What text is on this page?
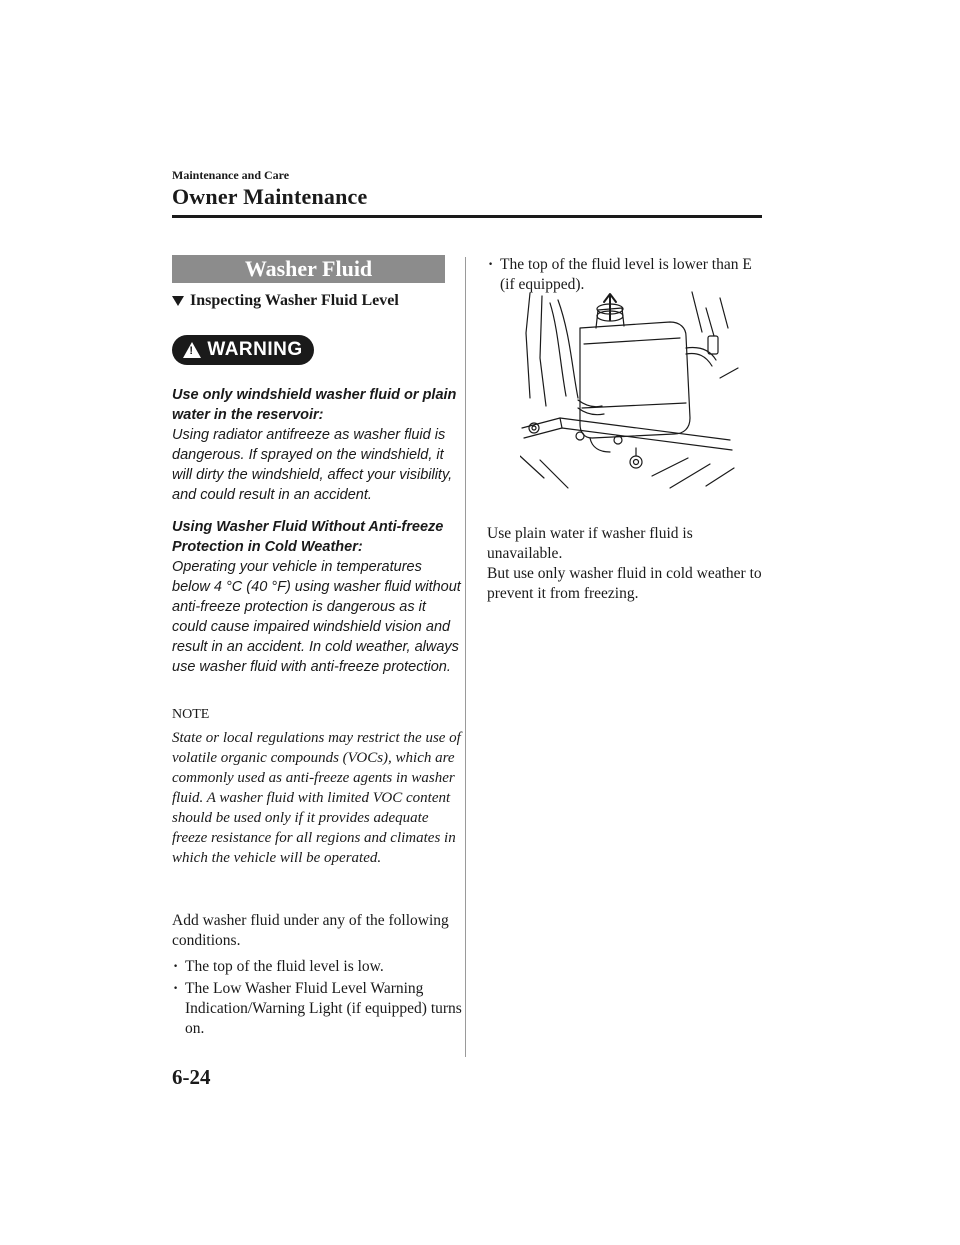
Maintenance and Care
Owner Maintenance
Washer Fluid
Inspecting Washer Fluid Level
! WARNING

Use only windshield washer fluid or plain water in the reservoir:
Using radiator antifreeze as washer fluid is dangerous. If sprayed on the windshield, it will dirty the windshield, affect your visibility, and could result in an accident.

Using Washer Fluid Without Anti-freeze Protection in Cold Weather:
Operating your vehicle in temperatures below 4 °C (40 °F) using washer fluid without anti-freeze protection is dangerous as it could cause impaired windshield vision and result in an accident. In cold weather, always use washer fluid with anti-freeze protection.

NOTE

State or local regulations may restrict the use of volatile organic compounds (VOCs), which are commonly used as anti-freeze agents in washer fluid. A washer fluid with limited VOC content should be used only if it provides adequate freeze resistance for all regions and climates in which the vehicle will be operated.

Add washer fluid under any of the following conditions.

· The top of the fluid level is low.
· The Low Washer Fluid Level Warning Indication/Warning Light (if equipped) turns on.
· The top of the fluid level is lower than E (if equipped).

Use plain water if washer fluid is unavailable.

But use only washer fluid in cold weather to prevent it from freezing.

6-24
